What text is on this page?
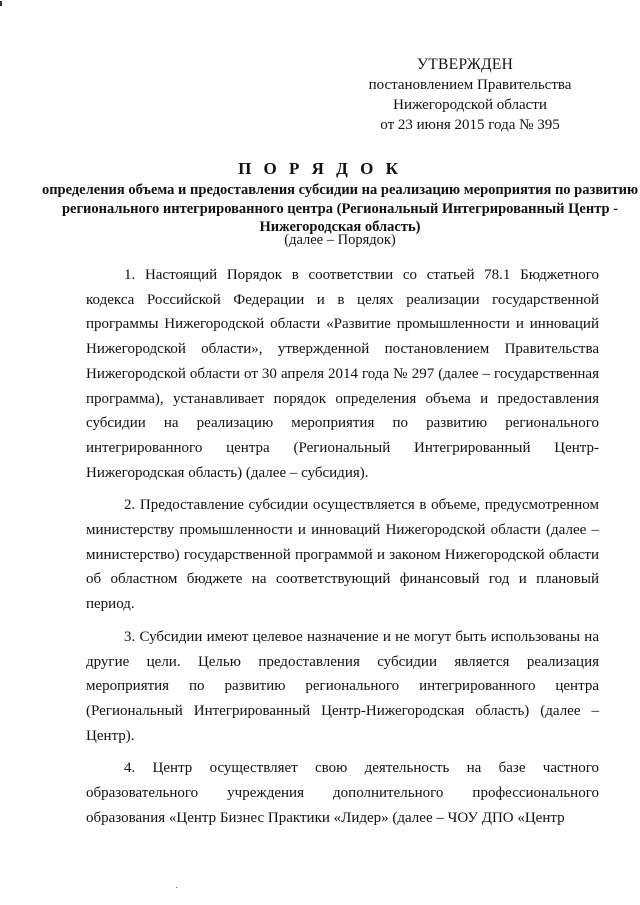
УТВЕРЖДЕН
постановлением Правительства
Нижегородской области
от 23 июня 2015 года № 395
П О Р Я Д О К
определения объема и предоставления субсидии на реализацию мероприятия по развитию регионального интегрированного центра (Региональный Интегрированный Центр - Нижегородская область)
(далее – Порядок)

1. Настоящий Порядок в соответствии со статьей 78.1 Бюджетного кодекса Российской Федерации и в целях реализации государственной программы Нижегородской области «Развитие промышленности и инноваций Нижегородской области», утвержденной постановлением Правительства Нижегородской области от 30 апреля 2014 года № 297 (далее – государственная программа), устанавливает порядок определения объема и предоставления субсидии на реализацию мероприятия по развитию регионального интегрированного центра (Региональный Интегрированный Центр-Нижегородская область) (далее – субсидия).

2. Предоставление субсидии осуществляется в объеме, предусмотренном министерству промышленности и инноваций Нижегородской области (далее – министерство) государственной программой и законом Нижегородской области об областном бюджете на соответствующий финансовый год и плановый период.

3. Субсидии имеют целевое назначение и не могут быть использованы на другие цели. Целью предоставления субсидии является реализация мероприятия по развитию регионального интегрированного центра (Региональный Интегрированный Центр-Нижегородская область) (далее – Центр).

4. Центр осуществляет свою деятельность на базе частного образовательного учреждения дополнительного профессионального образования «Центр Бизнес Практики «Лидер» (далее – ЧОУ ДПО «Центр
